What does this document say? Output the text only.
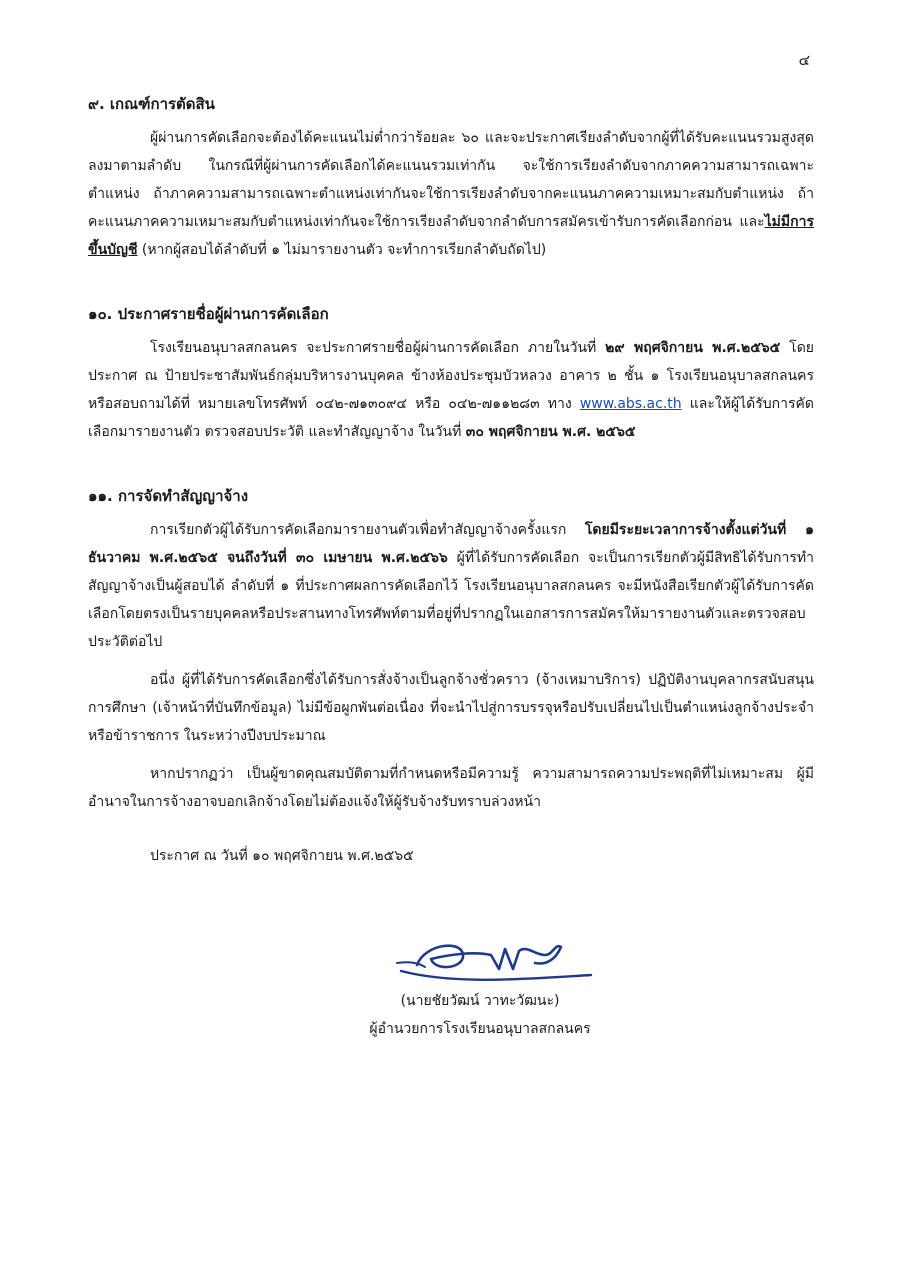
๔
๙. เกณฑ์การตัดสิน

ผู้ผ่านการคัดเลือกจะต้องได้คะแนนไม่ต่ำกว่าร้อยละ ๖๐ และจะประกาศเรียงลำดับจากผู้ที่ได้รับคะแนนรวมสูงสุดลงมาตามลำดับ ในกรณีที่ผู้ผ่านการคัดเลือกได้คะแนนรวมเท่ากัน จะใช้การเรียงลำดับจากภาคความสามารถเฉพาะตำแหน่ง ถ้าภาคความสามารถเฉพาะตำแหน่งเท่ากันจะใช้การเรียงลำดับจากคะแนนภาคความเหมาะสมกับตำแหน่ง ถ้าคะแนนภาคความเหมาะสมกับตำแหน่งเท่ากันจะใช้การเรียงลำดับจากลำดับการสมัครเข้ารับการคัดเลือกก่อน และไม่มีการขึ้นบัญชี (หากผู้สอบได้ลำดับที่ ๑ ไม่มารายงานตัว จะทำการเรียกลำดับถัดไป)

๑๐. ประกาศรายชื่อผู้ผ่านการคัดเลือก

โรงเรียนอนุบาลสกลนคร จะประกาศรายชื่อผู้ผ่านการคัดเลือก ภายในวันที่ ๒๙ พฤศจิกายน พ.ศ.๒๕๖๕ โดยประกาศ ณ ป้ายประชาสัมพันธ์กลุ่มบริหารงานบุคคล ข้างห้องประชุมบัวหลวง อาคาร ๒ ชั้น ๑ โรงเรียนอนุบาลสกลนคร หรือสอบถามได้ที่ หมายเลขโทรศัพท์ ๐๔๒-๗๑๓๐๙๔ หรือ ๐๔๒-๗๑๑๒๘๓ ทาง www.abs.ac.th และให้ผู้ได้รับการคัดเลือกมารายงานตัว ตรวจสอบประวัติ และทำสัญญาจ้าง ในวันที่ ๓๐ พฤศจิกายน พ.ศ. ๒๕๖๕

๑๑. การจัดทำสัญญาจ้าง

การเรียกตัวผู้ได้รับการคัดเลือกมารายงานตัวเพื่อทำสัญญาจ้างครั้งแรก โดยมีระยะเวลาการจ้างตั้งแต่วันที่ ๑ ธันวาคม พ.ศ.๒๕๖๕ จนถึงวันที่ ๓๐ เมษายน พ.ศ.๒๕๖๖ ผู้ที่ได้รับการคัดเลือก จะเป็นการเรียกตัวผู้มีสิทธิได้รับการทำสัญญาจ้างเป็นผู้สอบได้ ลำดับที่ ๑ ที่ประกาศผลการคัดเลือกไว้ โรงเรียนอนุบาลสกลนคร จะมีหนังสือเรียกตัวผู้ได้รับการคัดเลือกโดยตรงเป็นรายบุคคลหรือประสานทางโทรศัพท์ตามที่อยู่ที่ปรากฏในเอกสารการสมัครให้มารายงานตัวและตรวจสอบประวัติต่อไป

อนึ่ง ผู้ที่ได้รับการคัดเลือกซึ่งได้รับการสั่งจ้างเป็นลูกจ้างชั่วคราว (จ้างเหมาบริการ) ปฏิบัติงานบุคลากรสนับสนุนการศึกษา (เจ้าหน้าที่บันทึกข้อมูล) ไม่มีข้อผูกพันต่อเนื่อง ที่จะนำไปสู่การบรรจุหรือปรับเปลี่ยนไปเป็นตำแหน่งลูกจ้างประจำหรือข้าราชการ ในระหว่างปีงบประมาณ

หากปรากฏว่า เป็นผู้ขาดคุณสมบัติตามที่กำหนดหรือมีความรู้ ความสามารถความประพฤติที่ไม่เหมาะสม ผู้มีอำนาจในการจ้างอาจบอกเลิกจ้างโดยไม่ต้องแจ้งให้ผู้รับจ้างรับทราบล่วงหน้า

ประกาศ ณ วันที่ ๑๐ พฤศจิกายน พ.ศ.๒๕๖๕

(นายชัยวัฒน์ วาทะวัฒนะ)
ผู้อำนวยการโรงเรียนอนุบาลสกลนคร
